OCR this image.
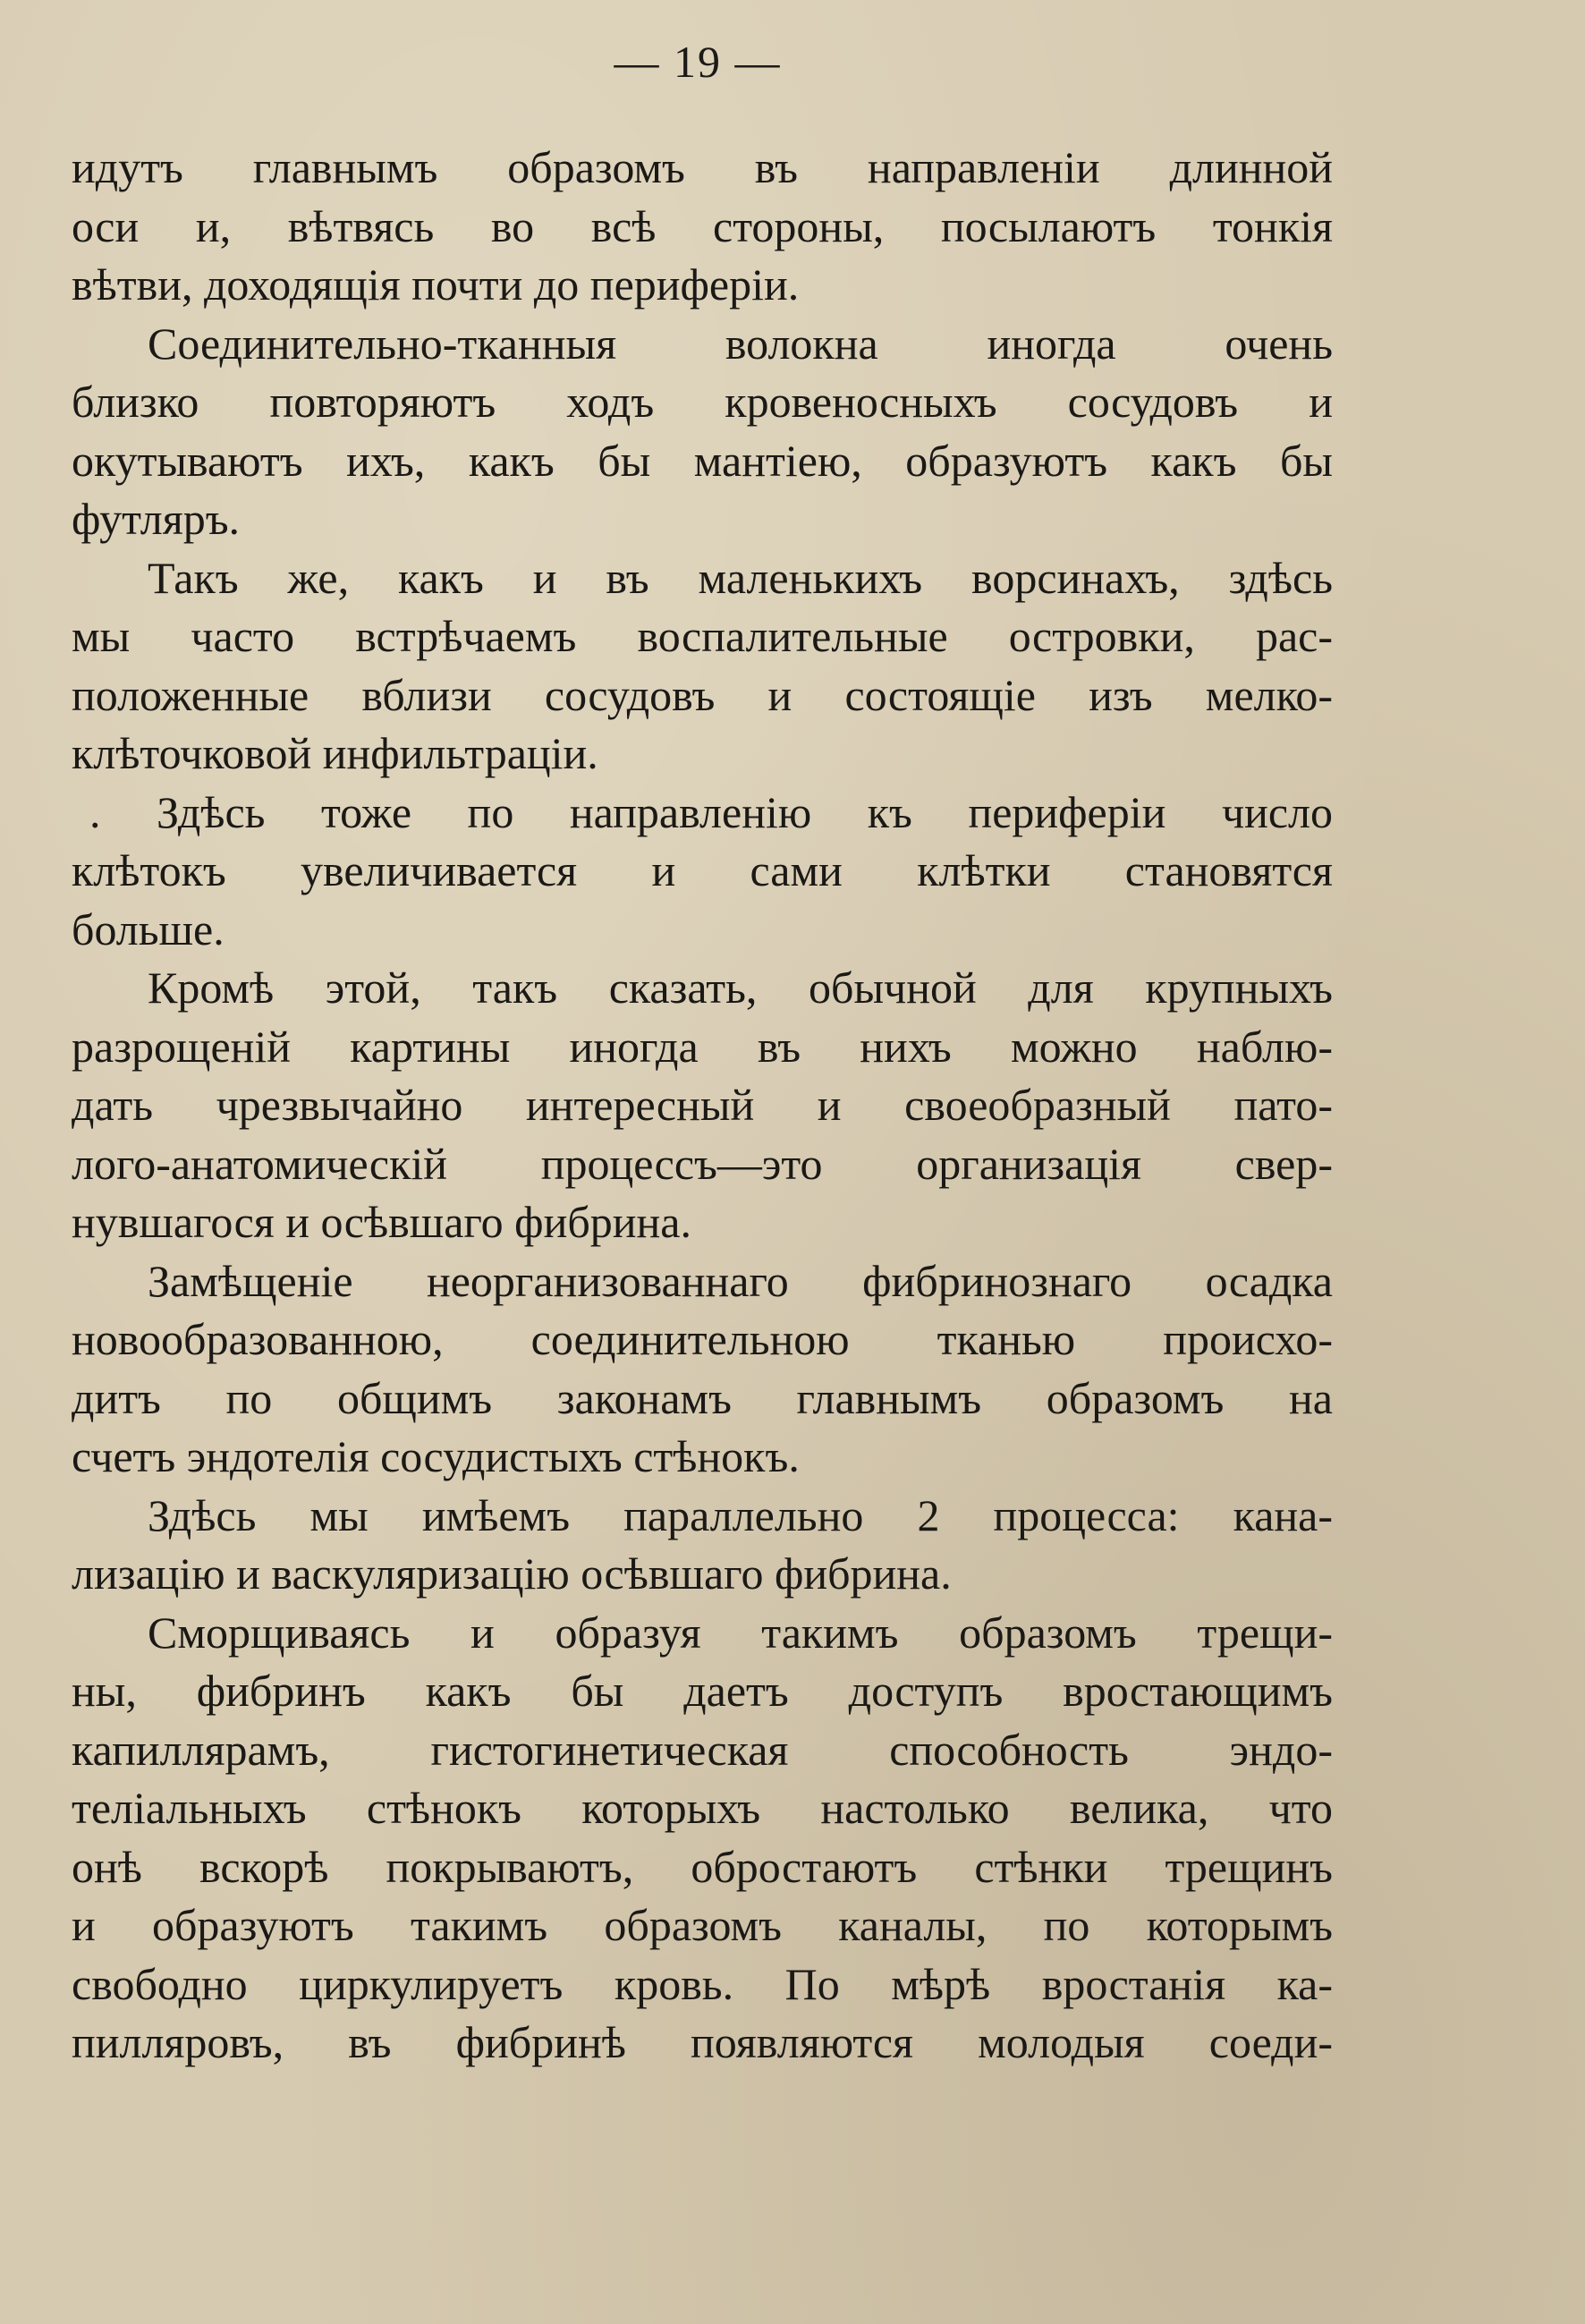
— 19 —
идутъ главнымъ образомъ въ направленіи длинной
оси и, вѣтвясь во всѣ стороны, посылаютъ тонкія
вѣтви, доходящія почти до периферіи.
Соединительно-тканныя волокна иногда очень
близко повторяютъ ходъ кровеносныхъ сосудовъ и
окутываютъ ихъ, какъ бы мантіею, образуютъ какъ бы
футляръ.
Такъ же, какъ и въ маленькихъ ворсинахъ, здѣсь
мы часто встрѣчаемъ воспалительные островки, рас-
положенные вблизи сосудовъ и состоящіе изъ мелко-
клѣточковой инфильтраціи.
. Здѣсь тоже по направленію къ периферіи число
клѣтокъ увеличивается и сами клѣтки становятся
больше.
Кромѣ этой, такъ сказать, обычной для крупныхъ
разрощеній картины иногда въ нихъ можно наблю-
дать чрезвычайно интересный и своеобразный пато-
лого-анатомическій процессъ—это организація свер-
нувшагося и осѣвшаго фибрина.
Замѣщеніе неорганизованнаго фибринознаго осадка
новообразованною, соединительною тканью происхо-
дитъ по общимъ законамъ главнымъ образомъ на
счетъ эндотелія сосудистыхъ стѣнокъ.
Здѣсь мы имѣемъ параллельно 2 процесса: кана-
лизацію и васкуляризацію осѣвшаго фибрина.
Сморщиваясь и образуя такимъ образомъ трещи-
ны, фибринъ какъ бы даетъ доступъ вростающимъ
капиллярамъ, гистогинетическая способность эндо-
теліальныхъ стѣнокъ которыхъ настолько велика, что
онѣ вскорѣ покрываютъ, обростаютъ стѣнки трещинъ
и образуютъ такимъ образомъ каналы, по которымъ
свободно циркулируетъ кровь. По мѣрѣ вростанія ка-
пилляровъ, въ фибринѣ появляются молодыя соеди-
